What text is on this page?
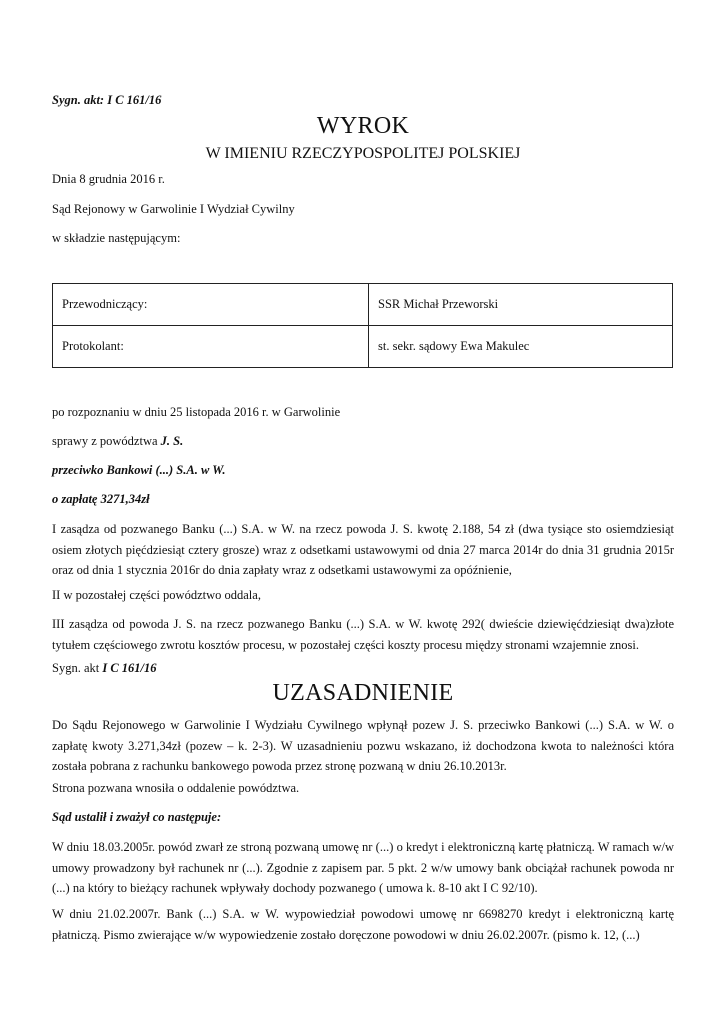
Sygn. akt: I C 161/16
WYROK
W IMIENIU RZECZYPOSPOLITEJ POLSKIEJ
Dnia 8 grudnia 2016 r.
Sąd Rejonowy w Garwolinie I Wydział Cywilny
w składzie następującym:
Przewodniczący:	SSR Michał Przeworski
Protokolant:	st. sekr. sądowy Ewa Makulec
po rozpoznaniu w dniu 25 listopada 2016 r. w Garwolinie
sprawy z powództwa J. S.
przeciwko Bankowi (...) S.A. w W.
o zapłatę 3271,34zł
I zasądza od pozwanego Banku (...) S.A. w W. na rzecz powoda J. S. kwotę 2.188, 54 zł (dwa tysiące sto osiemdziesiąt osiem złotych pięćdziesiąt cztery grosze) wraz z odsetkami ustawowymi od dnia 27 marca 2014r do dnia 31 grudnia 2015r oraz od dnia 1 stycznia 2016r do dnia zapłaty wraz z odsetkami ustawowymi za opóźnienie,
II w pozostałej części powództwo oddala,
III zasądza od powoda J. S. na rzecz pozwanego Banku (...) S.A. w W. kwotę 292( dwieście dziewięćdziesiąt dwa)złote tytułem częściowego zwrotu kosztów procesu, w pozostałej części koszty procesu między stronami wzajemnie znosi.
Sygn. akt I C 161/16
UZASADNIENIE
Do Sądu Rejonowego w Garwolinie I Wydziału Cywilnego wpłynął pozew J. S. przeciwko Bankowi (...) S.A. w W. o zapłatę kwoty 3.271,34zł (pozew – k. 2-3). W uzasadnieniu pozwu wskazano, iż dochodzona kwota to należności która została pobrana z rachunku bankowego powoda przez stronę pozwaną w dniu 26.10.2013r.
Strona pozwana wnosiła o oddalenie powództwa.
Sąd ustalił i zważył co następuje:
W dniu 18.03.2005r. powód zwarł ze stroną pozwaną umowę nr (...) o kredyt i elektroniczną kartę płatniczą. W ramach w/w umowy prowadzony był rachunek nr (...). Zgodnie z zapisem par. 5 pkt. 2 w/w umowy bank obciążał rachunek powoda nr (...) na który to bieżący rachunek wpływały dochody pozwanego ( umowa k. 8-10 akt I C 92/10).
W dniu 21.02.2007r. Bank (...) S.A. w W. wypowiedział powodowi umowę nr 6698270 kredyt i elektroniczną kartę płatniczą. Pismo zwierające w/w wypowiedzenie zostało doręczone powodowi w dniu 26.02.2007r. (pismo k. 12, (...)
